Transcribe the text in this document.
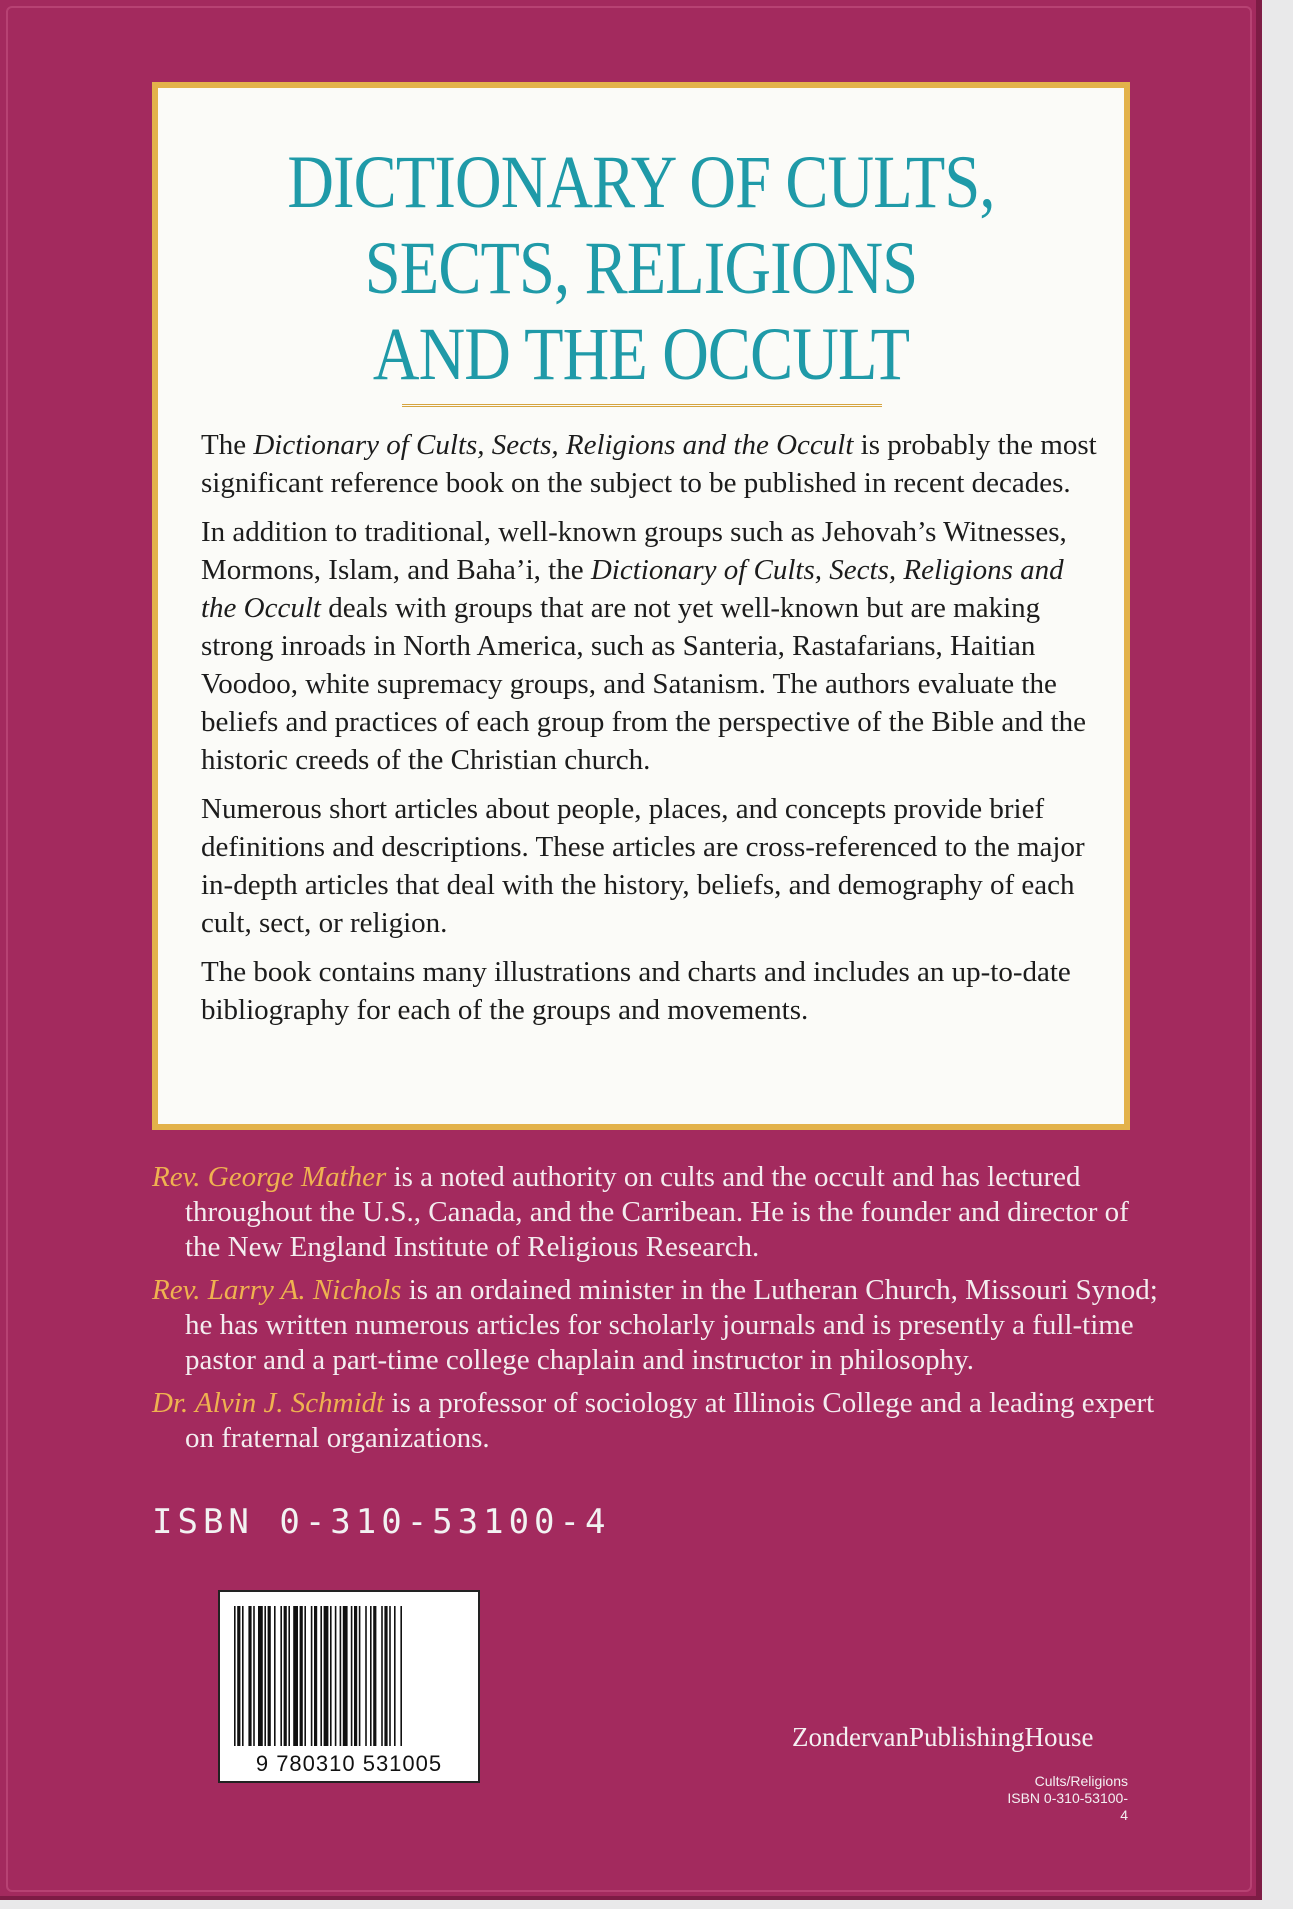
DICTIONARY OF CULTS,
SECTS, RELIGIONS
AND THE OCCULT

The Dictionary of Cults, Sects, Religions and the Occult is probably the most significant reference book on the subject to be published in recent decades.

In addition to traditional, well-known groups such as Jehovah’s Witnesses, Mormons, Islam, and Baha’i, the Dictionary of Cults, Sects, Religions and the Occult deals with groups that are not yet well-known but are making strong inroads in North America, such as Santeria, Rastafarians, Haitian Voodoo, white supremacy groups, and Satanism. The authors evaluate the beliefs and practices of each group from the perspective of the Bible and the historic creeds of the Christian church.

Numerous short articles about people, places, and concepts provide brief definitions and descriptions. These articles are cross-referenced to the major in-depth articles that deal with the history, beliefs, and demography of each cult, sect, or religion.

The book contains many illustrations and charts and includes an up-to-date bibliography for each of the groups and movements.

Rev. George Mather is a noted authority on cults and the occult and has lectured throughout the U.S., Canada, and the Carribean. He is the founder and director of the New England Institute of Religious Research.

Rev. Larry A. Nichols is an ordained minister in the Lutheran Church, Missouri Synod; he has written numerous articles for scholarly journals and is presently a full-time pastor and a part-time college chaplain and instructor in philosophy.

Dr. Alvin J. Schmidt is a professor of sociology at Illinois College and a leading expert on fraternal organizations.

ISBN 0-310-53100-4
9 780310 531005
ZondervanPublishingHouse
Cults/Religions
ISBN 0-310-53100-4
